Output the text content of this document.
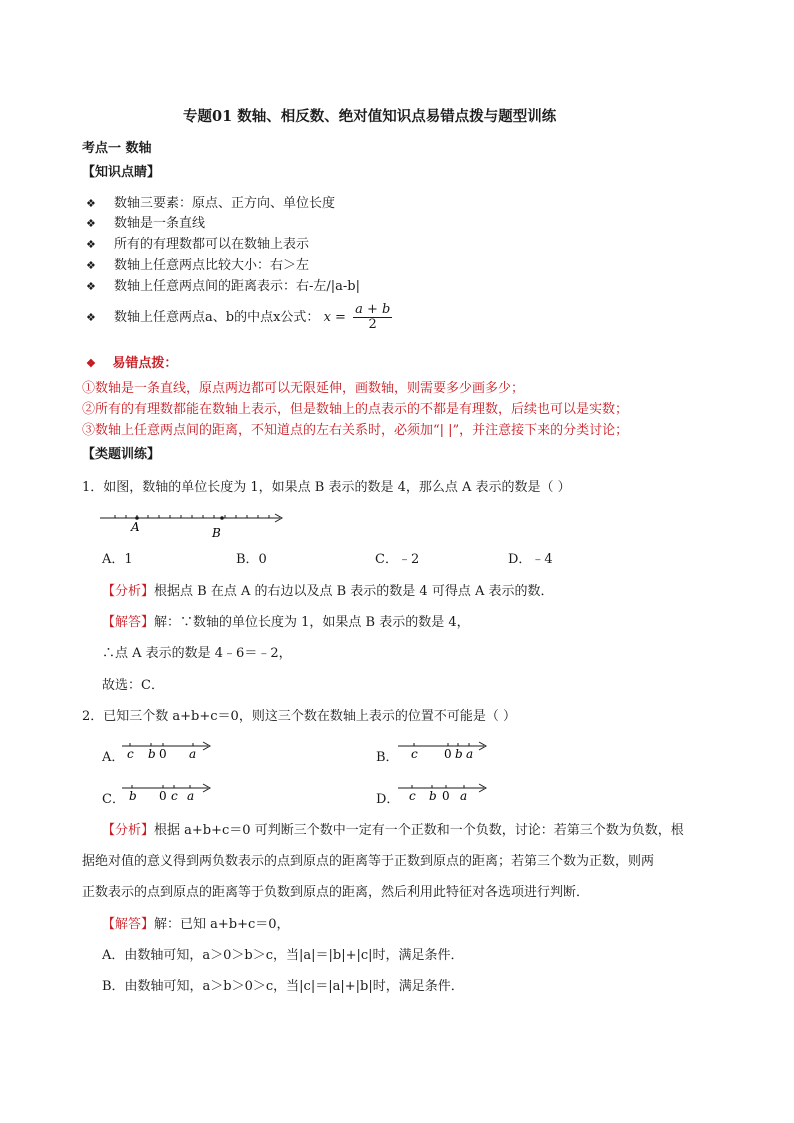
专题01 数轴、相反数、绝对值知识点易错点拨与题型训练
考点一 数轴
【知识点睛】
❖ 数轴三要素：原点、正方向、单位长度
❖ 数轴是一条直线
❖ 所有的有理数都可以在数轴上表示
❖ 数轴上任意两点比较大小：右＞左
❖ 数轴上任意两点间的距离表示：右-左/|a-b|
❖ 数轴上任意两点a、b的中点x公式： $x = \frac{a + b}{2}$
❖ 易错点拨：
①数轴是一条直线，原点两边都可以无限延伸，画数轴，则需要多少画多少；
②所有的有理数都能在数轴上表示，但是数轴上的点表示的不都是有理数，后续也可以是实数；
③数轴上任意两点间的距离，不知道点的左右关系时，必须加“| |”，并注意接下来的分类讨论；
【类题训练】
1．如图，数轴的单位长度为 1，如果点 B 表示的数是 4，那么点 A 表示的数是（ ）
A	B
A．1	B．0	C．﹣2	D．﹣4
【分析】根据点 B 在点 A 的右边以及点 B 表示的数是 4 可得点 A 表示的数．
【解答】解：∵数轴的单位长度为 1，如果点 B 表示的数是 4，
∴点 A 表示的数是 4﹣6＝﹣2，
故选：C．
2．已知三个数 a+b+c＝0，则这三个数在数轴上表示的位置不可能是（ ）
A． c b 0 a	B． c 0 b a
C． b 0 c a	D． c b 0 a
【分析】根据 a+b+c＝0 可判断三个数中一定有一个正数和一个负数，讨论：若第三个数为负数，根
据绝对值的意义得到两负数表示的点到原点的距离等于正数到原点的距离；若第三个数为正数，则两
正数表示的点到原点的距离等于负数到原点的距离，然后利用此特征对各选项进行判断．
【解答】解：已知 a+b+c＝0，
A．由数轴可知，a＞0＞b＞c，当|a|＝|b|+|c|时，满足条件．
B．由数轴可知，a＞b＞0＞c，当|c|＝|a|+|b|时，满足条件．
